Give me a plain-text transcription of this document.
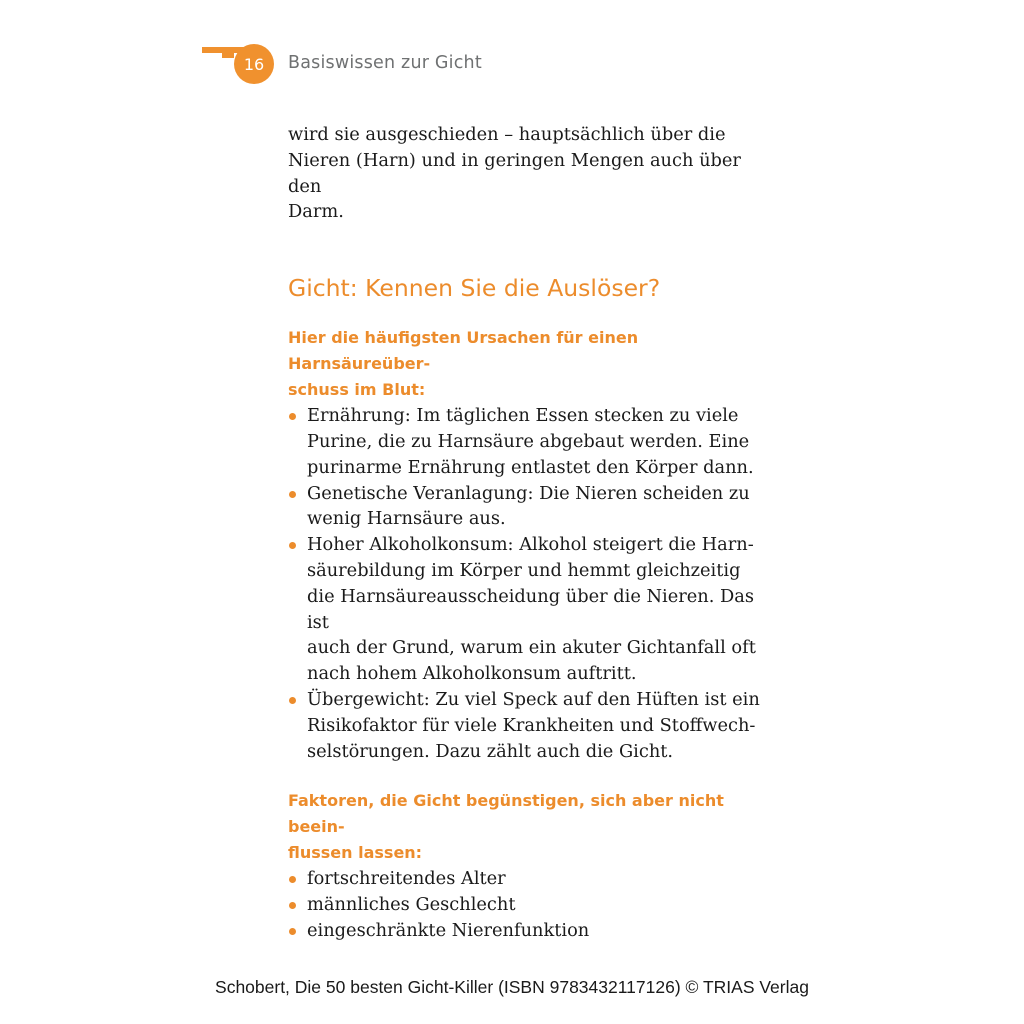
16	Basiswissen zur Gicht

wird sie ausgeschieden – hauptsächlich über die
Nieren (Harn) und in geringen Mengen auch über den
Darm.

Gicht: Kennen Sie die Auslöser?

Hier die häufigsten Ursachen für einen Harnsäureüber-
schuss im Blut:

Ernährung: Im täglichen Essen stecken zu viele
Purine, die zu Harnsäure abgebaut werden. Eine
purinarme Ernährung entlastet den Körper dann.
Genetische Veranlagung: Die Nieren scheiden zu
wenig Harnsäure aus.
Hoher Alkoholkonsum: Alkohol steigert die Harn-
säurebildung im Körper und hemmt gleichzeitig
die Harnsäureausscheidung über die Nieren. Das ist
auch der Grund, warum ein akuter Gichtanfall oft
nach hohem Alkoholkonsum auftritt.
Übergewicht: Zu viel Speck auf den Hüften ist ein
Risikofaktor für viele Krankheiten und Stoffwech-
selstörungen. Dazu zählt auch die Gicht.

Faktoren, die Gicht begünstigen, sich aber nicht beein-
flussen lassen:

fortschreitendes Alter
männliches Geschlecht
eingeschränkte Nierenfunktion
Schobert, Die 50 besten Gicht-Killer (ISBN 9783432117126) © TRIAS Verlag
